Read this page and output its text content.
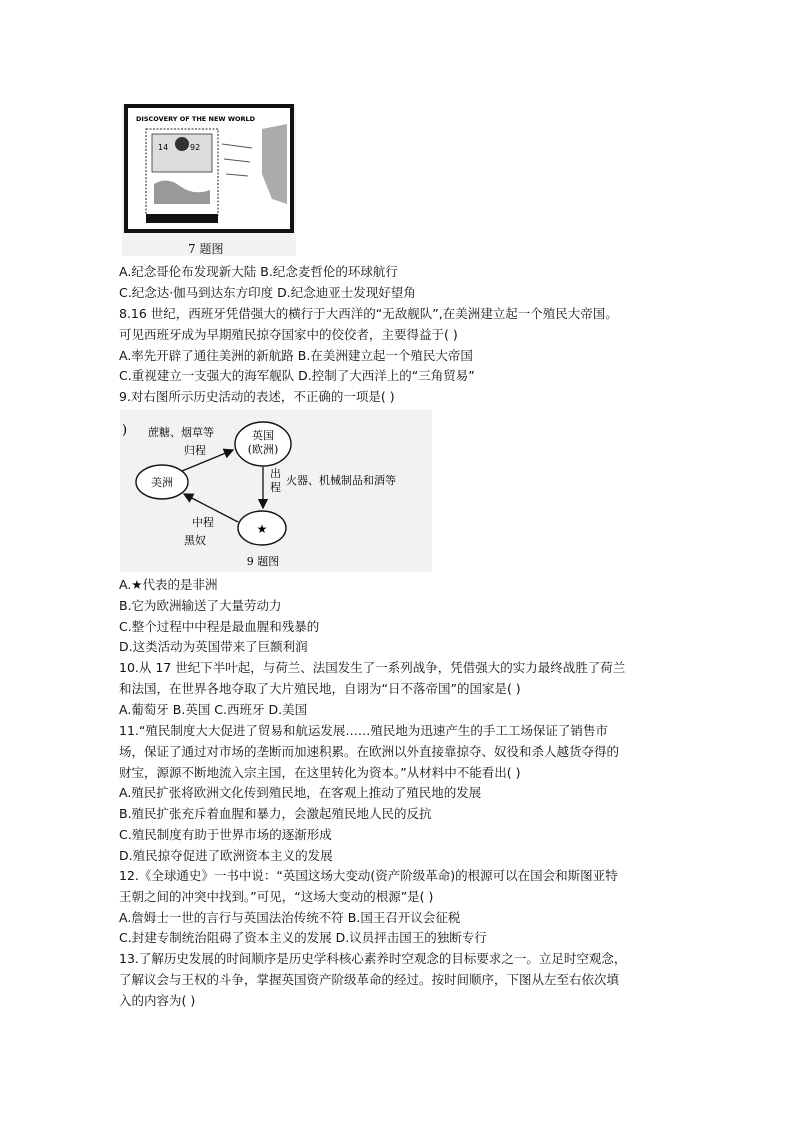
DISCOVERY OF THE NEW WORLD
14	92
7 题图
A.纪念哥伦布发现新大陆 B.纪念麦哲伦的环球航行
C.纪念达·伽马到达东方印度 D.纪念迪亚士发现好望角
8.16 世纪，西班牙凭借强大的横行于大西洋的“无敌舰队”,在美洲建立起一个殖民大帝国。
可见西班牙成为早期殖民掠夺国家中的佼佼者，主要得益于( )
A.率先开辟了通往美洲的新航路 B.在美洲建立起一个殖民大帝国
C.重视建立一支强大的海军舰队 D.控制了大西洋上的“三角贸易”
9.对右图所示历史活动的表述，不正确的一项是( )
)	英国
(欧洲)
美洲
★
蔗糖、烟草等
归程
出
程
火器、机械制品和酒等
中程
黑奴
9 题图
A.★代表的是非洲
B.它为欧洲输送了大量劳动力
C.整个过程中中程是最血腥和残暴的
D.这类活动为英国带来了巨额利润
10.从 17 世纪下半叶起，与荷兰、法国发生了一系列战争，凭借强大的实力最终战胜了荷兰
和法国，在世界各地夺取了大片殖民地，自诩为“日不落帝国”的国家是( )
A.葡萄牙 B.英国 C.西班牙 D.美国
11.“殖民制度大大促进了贸易和航运发展……殖民地为迅速产生的手工工场保证了销售市
场，保证了通过对市场的垄断而加速积累。在欧洲以外直接靠掠夺、奴役和杀人越货夺得的
财宝，源源不断地流入宗主国，在这里转化为资本。”从材料中不能看出( )
A.殖民扩张将欧洲文化传到殖民地，在客观上推动了殖民地的发展
B.殖民扩张充斥着血腥和暴力，会激起殖民地人民的反抗
C.殖民制度有助于世界市场的逐渐形成
D.殖民掠夺促进了欧洲资本主义的发展
12.《全球通史》一书中说：“英国这场大变动(资产阶级革命)的根源可以在国会和斯图亚特
王朝之间的冲突中找到。”可见，“这场大变动的根源”是( )
A.詹姆士一世的言行与英国法治传统不符 B.国王召开议会征税
C.封建专制统治阻碍了资本主义的发展 D.议员抨击国王的独断专行
13.了解历史发展的时间顺序是历史学科核心素养时空观念的目标要求之一。立足时空观念，
了解议会与王权的斗争，掌握英国资产阶级革命的经过。按时间顺序，下图从左至右依次填
入的内容为( )
